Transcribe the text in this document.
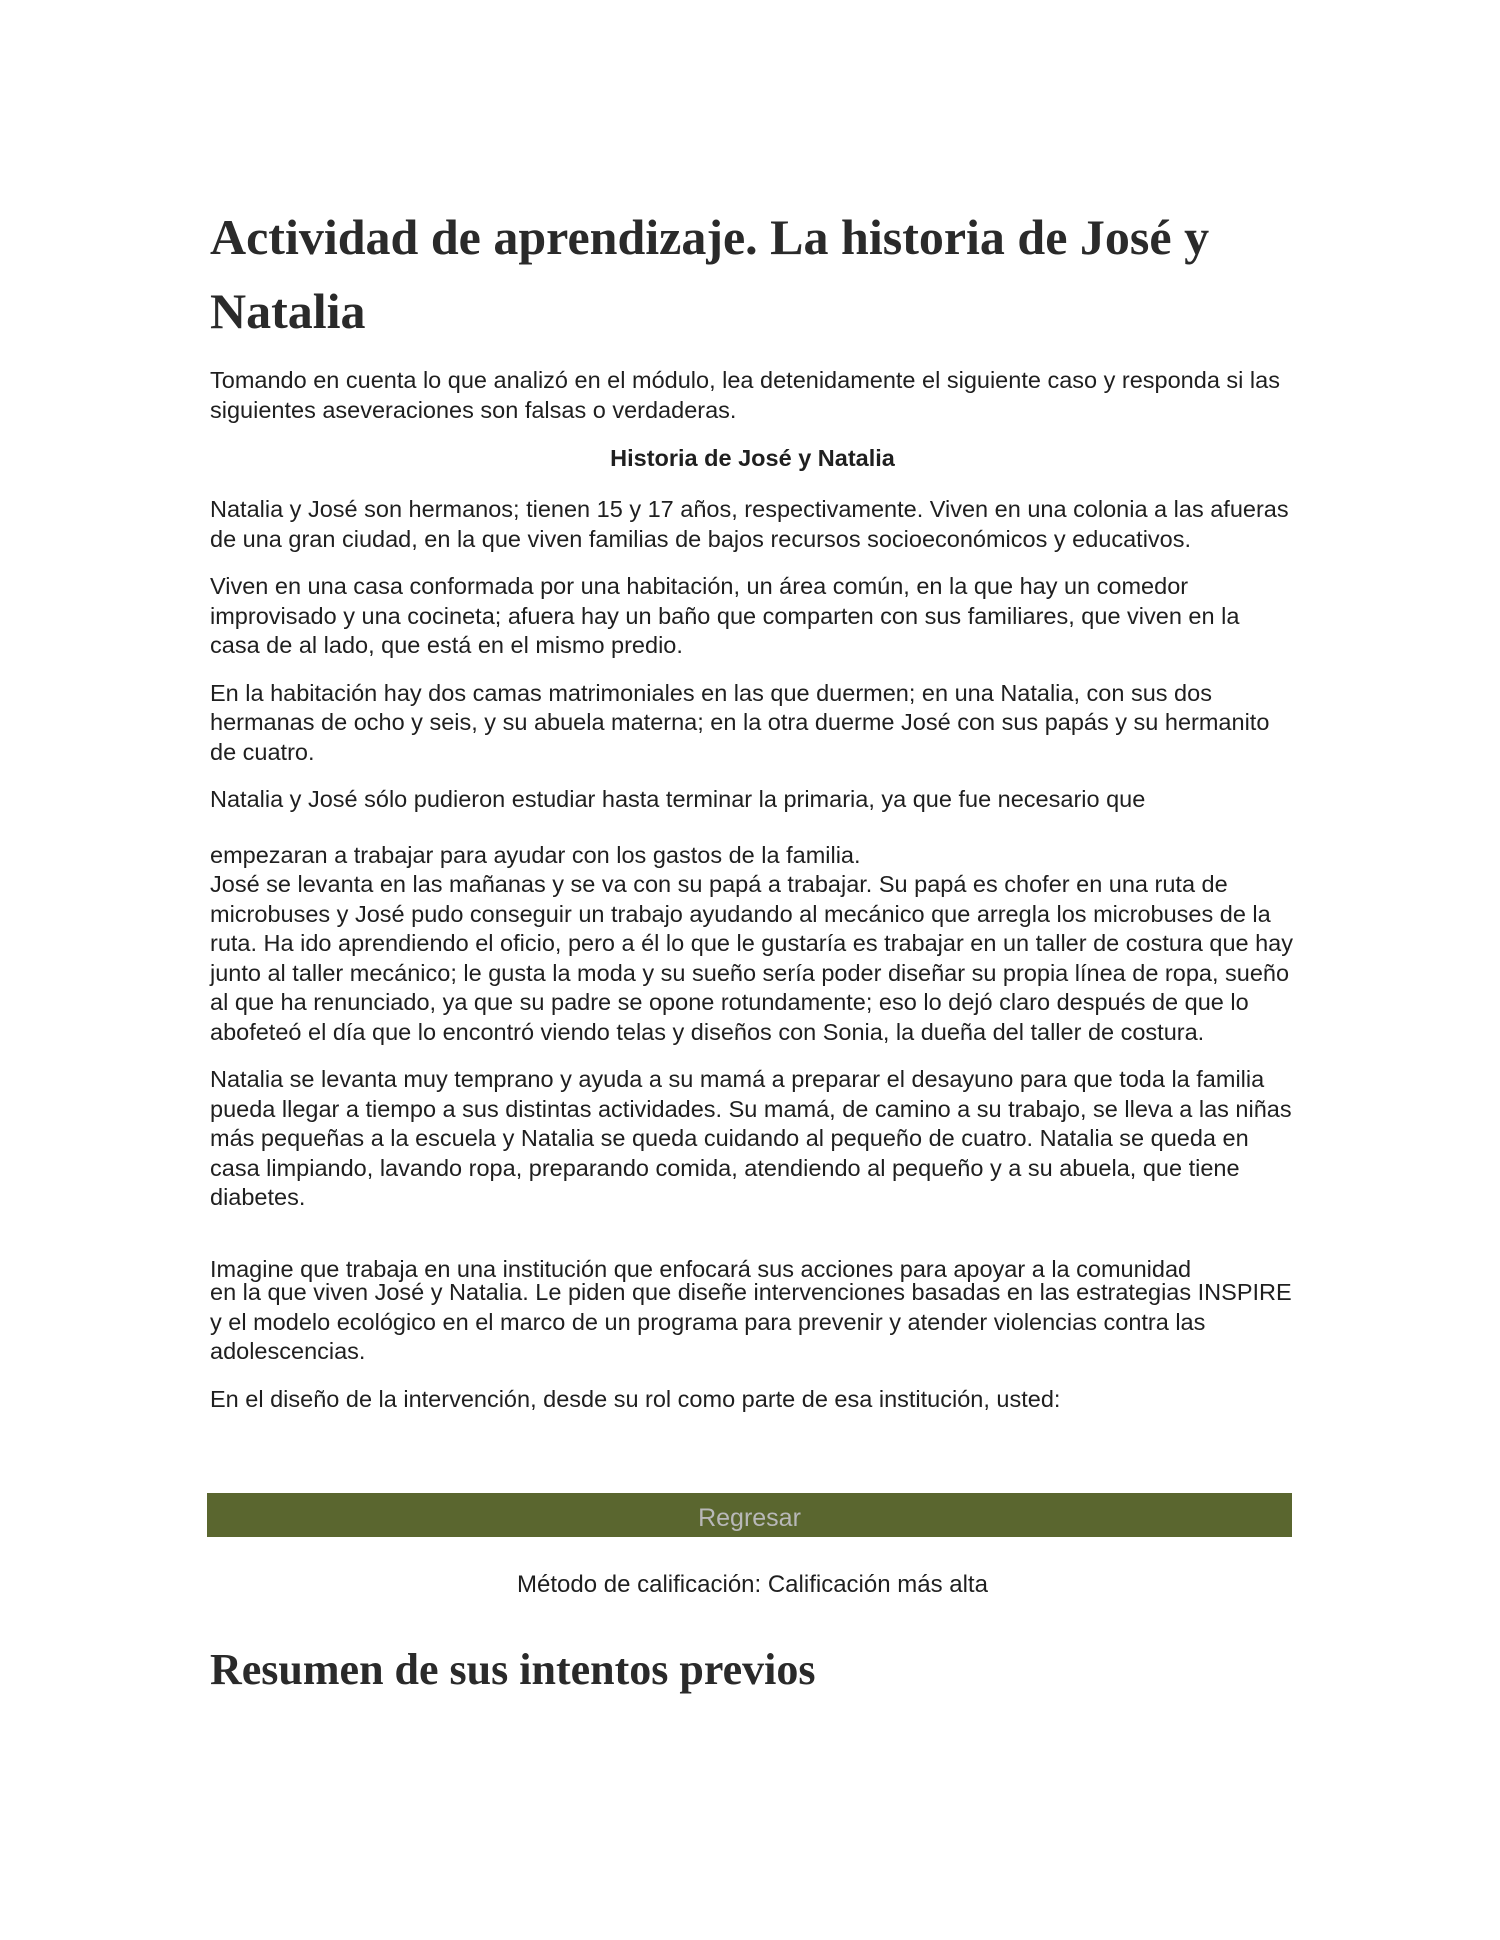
Actividad de aprendizaje. La historia de José y Natalia

Tomando en cuenta lo que analizó en el módulo, lea detenidamente el siguiente caso y responda si las siguientes aseveraciones son falsas o verdaderas.

Historia de José y Natalia

Natalia y José son hermanos; tienen 15 y 17 años, respectivamente. Viven en una colonia a las afueras de una gran ciudad, en la que viven familias de bajos recursos socioeconómicos y educativos.

Viven en una casa conformada por una habitación, un área común, en la que hay un comedor improvisado y una cocineta; afuera hay un baño que comparten con sus familiares, que viven en la casa de al lado, que está en el mismo predio.

En la habitación hay dos camas matrimoniales en las que duermen; en una Natalia, con sus dos hermanas de ocho y seis, y su abuela materna; en la otra duerme José con sus papás y su hermanito de cuatro.

Natalia y José sólo pudieron estudiar hasta terminar la primaria, ya que fue necesario que

empezaran a trabajar para ayudar con los gastos de la familia.

José se levanta en las mañanas y se va con su papá a trabajar. Su papá es chofer en una ruta de microbuses y José pudo conseguir un trabajo ayudando al mecánico que arregla los microbuses de la ruta. Ha ido aprendiendo el oficio, pero a él lo que le gustaría es trabajar en un taller de costura que hay junto al taller mecánico; le gusta la moda y su sueño sería poder diseñar su propia línea de ropa, sueño al que ha renunciado, ya que su padre se opone rotundamente; eso lo dejó claro después de que lo abofeteó el día que lo encontró viendo telas y diseños con Sonia, la dueña del taller de costura.

Natalia se levanta muy temprano y ayuda a su mamá a preparar el desayuno para que toda la familia pueda llegar a tiempo a sus distintas actividades. Su mamá, de camino a su trabajo, se lleva a las niñas más pequeñas a la escuela y Natalia se queda cuidando al pequeño de cuatro. Natalia se queda en casa limpiando, lavando ropa, preparando comida, atendiendo al pequeño y a su abuela, que tiene diabetes.

Imagine que trabaja en una institución que enfocará sus acciones para apoyar a la comunidad

en la que viven José y Natalia. Le piden que diseñe intervenciones basadas en las estrategias INSPIRE y el modelo ecológico en el marco de un programa para prevenir y atender violencias contra las adolescencias.

En el diseño de la intervención, desde su rol como parte de esa institución, usted:

Regresar
Método de calificación: Calificación más alta
Resumen de sus intentos previos
